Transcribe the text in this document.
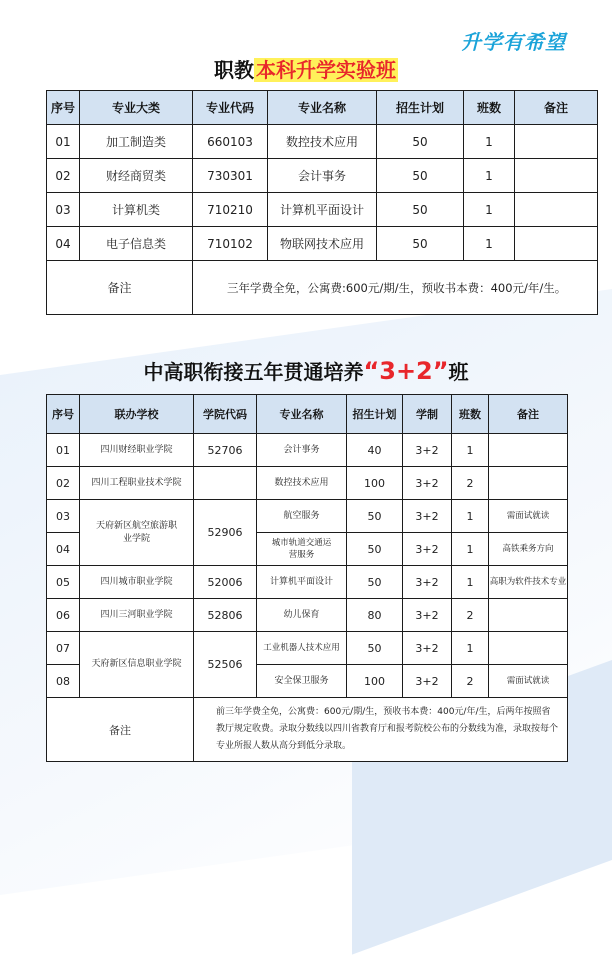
升学有希望
职教 本科升学实验班
序号	专业大类	专业代码	专业名称	招生计划	班数	备注
01	加工制造类	660103	数控技术应用	50	1	
02	财经商贸类	730301	会计事务	50	1	
03	计算机类	710210	计算机平面设计	50	1	
04	电子信息类	710102	物联网技术应用	50	1	
备注		三年学费全免，公寓费:600元/期/生，预收书本费：400元/年/生。				
中高职衔接五年贯通培养“3+2”班
序号	联办学校	学院代码	专业名称	招生计划	学制	班数	备注
01	四川财经职业学院	52706	会计事务	40	3+2	1	
02	四川工程职业技术学院		数控技术应用	100	3+2	2	
03	天府新区航空旅游职业学院	52906	航空服务	50	3+2	1	需面试就读
04			城市轨道交通运营服务	50	3+2	1	高铁乘务方向
05	四川城市职业学院	52006	计算机平面设计	50	3+2	1	高职为软件技术专业
06	四川三河职业学院	52806	幼儿保育	80	3+2	2	
07	天府新区信息职业学院	52506	工业机器人技术应用	50	3+2	1	
08			安全保卫服务	100	3+2	2	需面试就读
备注		前三年学费全免，公寓费：600元/期/生，预收书本费：400元/年/生，后两年按照省教厅规定收费。录取分数线以四川省教育厅和报考院校公布的分数线为准，录取按每个专业所报人数从高分到低分录取。					
